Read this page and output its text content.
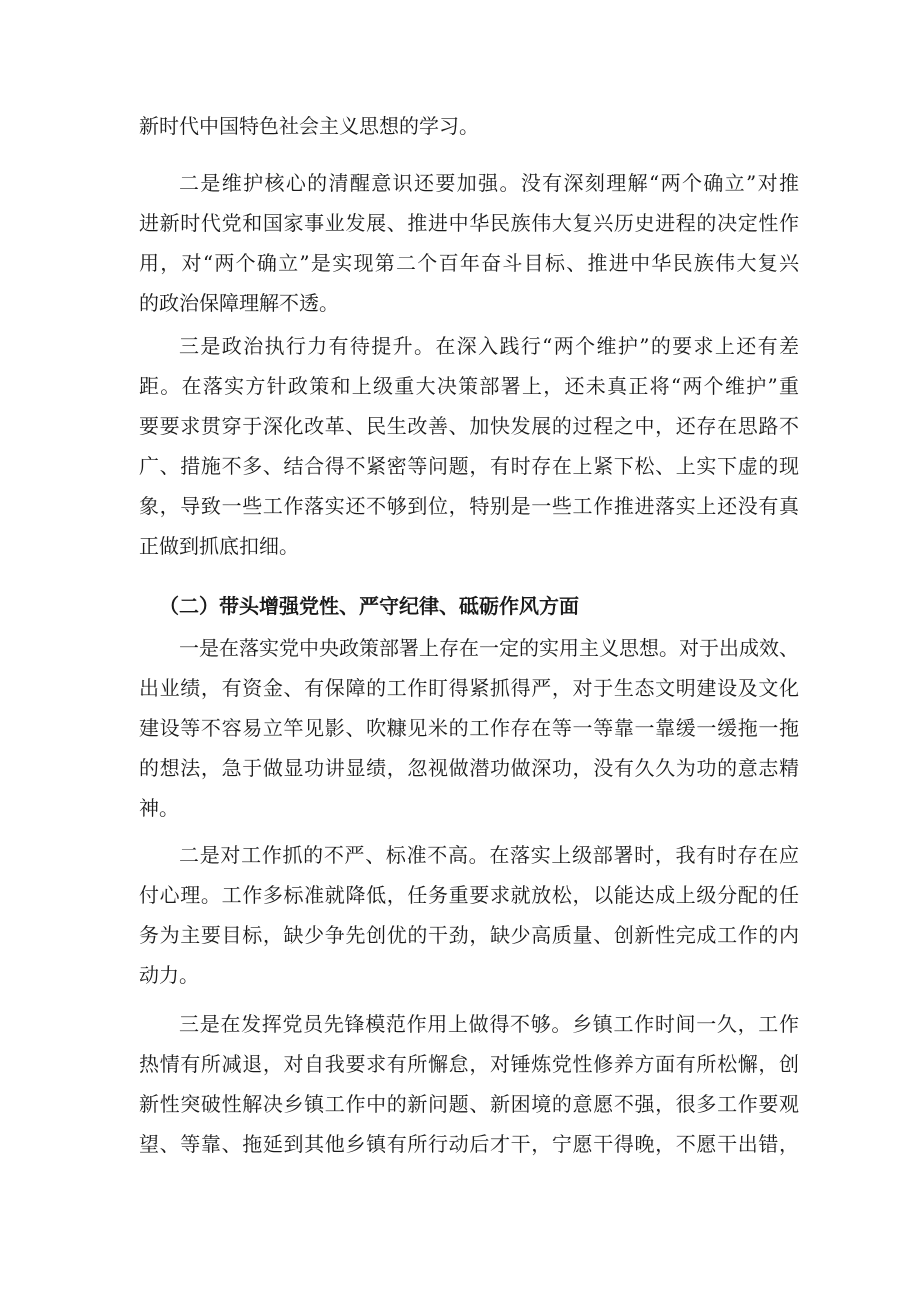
新时代中国特色社会主义思想的学习。
二是维护核心的清醒意识还要加强。没有深刻理解“两个确立”对推
进新时代党和国家事业发展、推进中华民族伟大复兴历史进程的决定性作
用，对“两个确立”是实现第二个百年奋斗目标、推进中华民族伟大复兴
的政治保障理解不透。
三是政治执行力有待提升。在深入践行“两个维护”的要求上还有差
距。在落实方针政策和上级重大决策部署上，还未真正将“两个维护”重
要要求贯穿于深化改革、民生改善、加快发展的过程之中，还存在思路不
广、措施不多、结合得不紧密等问题，有时存在上紧下松、上实下虚的现
象，导致一些工作落实还不够到位，特别是一些工作推进落实上还没有真
正做到抓底扣细。
（二）带头增强党性、严守纪律、砥砺作风方面
一是在落实党中央政策部署上存在一定的实用主义思想。对于出成效、
出业绩，有资金、有保障的工作盯得紧抓得严，对于生态文明建设及文化
建设等不容易立竿见影、吹糠见米的工作存在等一等靠一靠缓一缓拖一拖
的想法，急于做显功讲显绩，忽视做潜功做深功，没有久久为功的意志精
神。
二是对工作抓的不严、标准不高。在落实上级部署时，我有时存在应
付心理。工作多标准就降低，任务重要求就放松，以能达成上级分配的任
务为主要目标，缺少争先创优的干劲，缺少高质量、创新性完成工作的内
动力。
三是在发挥党员先锋模范作用上做得不够。乡镇工作时间一久，工作
热情有所减退，对自我要求有所懈怠，对锤炼党性修养方面有所松懈，创
新性突破性解决乡镇工作中的新问题、新困境的意愿不强，很多工作要观
望、等靠、拖延到其他乡镇有所行动后才干，宁愿干得晚，不愿干出错，
